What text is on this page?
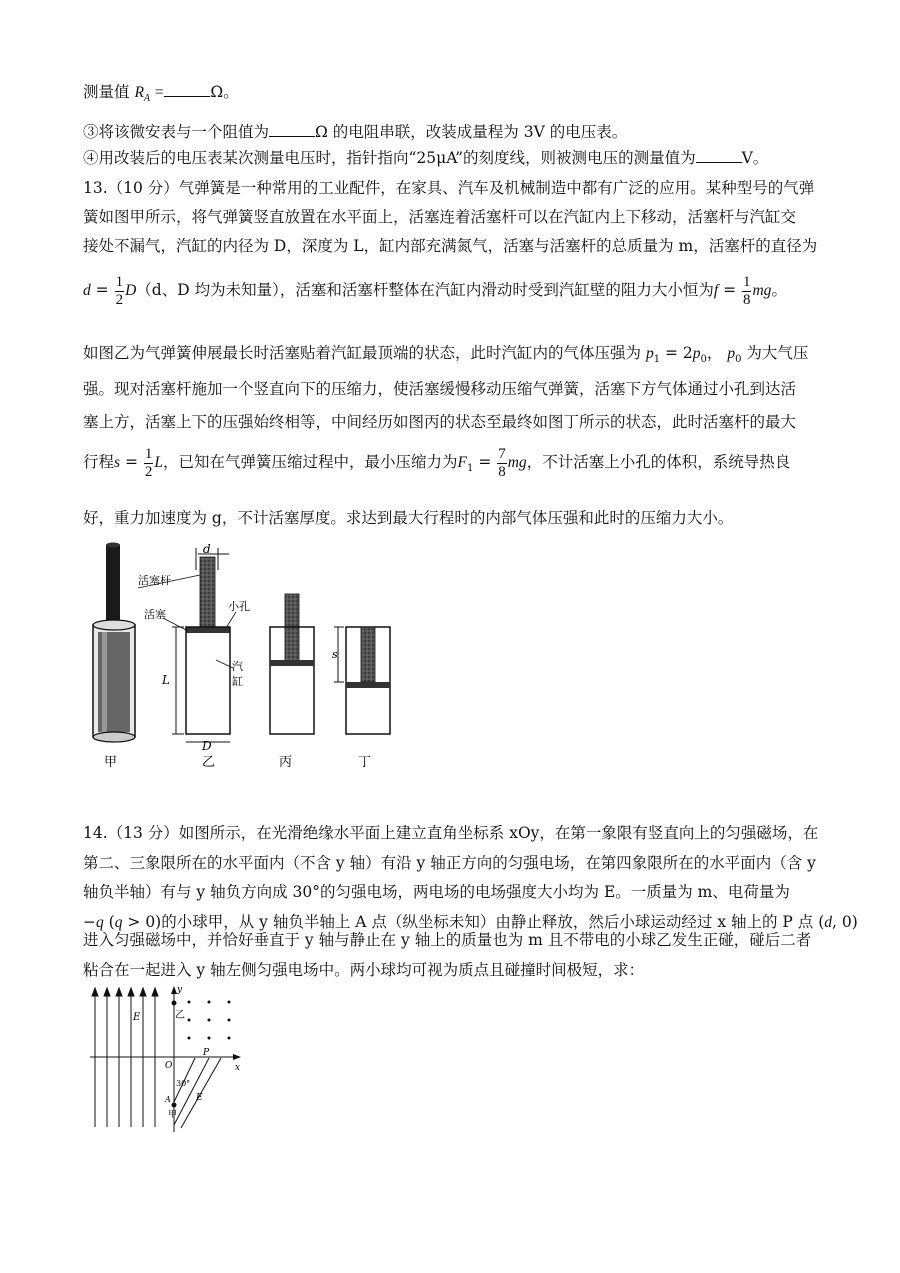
测量值 $R_A$ =	Ω。
③将该微安表与一个阻值为	Ω 的电阻串联，改装成量程为 3V 的电压表。
④用改装后的电压表某次测量电压时，指针指向“25μA”的刻度线，则被测电压的测量值为	V。
13.（10 分）气弹簧是一种常用的工业配件，在家具、汽车及机械制造中都有广泛的应用。某种型号的气弹
簧如图甲所示，将气弹簧竖直放置在水平面上，活塞连着活塞杆可以在汽缸内上下移动，活塞杆与汽缸交
接处不漏气，汽缸的内径为 D，深度为 L，缸内部充满氮气，活塞与活塞杆的总质量为 m，活塞杆的直径为
$d = \frac{1}{2} D(d$、D 均为未知量），活塞和活塞杆整体在汽缸内滑动时受到汽缸壁的阻力大小恒为$f = \frac{1}{8}$ mg。
如图乙为气弹簧伸展最长时活塞贴着汽缸最顶端的状态，此时汽缸内的气体压强为 $p_1 = 2p_0$， $p_0$ 为大气压
强。现对活塞杆施加一个竖直向下的压缩力，使活塞缓慢移动压缩气弹簧，活塞下方气体通过小孔到达活
塞上方，活塞上下的压强始终相等，中间经历如图丙的状态至最终如图丁所示的状态，此时活塞杆的最大
行程$s = \frac{1}{2}$ L，已知在气弹簧压缩过程中，最小压缩力为$F_1 = \frac{7}{8}$ mg，不计活塞上小孔的体积，系统导热良
好，重力加速度为 g，不计活塞厚度。求达到最大行程时的内部气体压强和此时的压缩力大小。
甲
d
活塞杆
活塞
小孔
汽
缸
L
D
乙	丙
s
丁
14.（13 分）如图所示，在光滑绝缘水平面上建立直角坐标系 xOy，在第一象限有竖直向上的匀强磁场，在
第二、三象限所在的水平面内（不含 y 轴）有沿 y 轴正方向的匀强电场，在第四象限所在的水平面内（含 y
轴负半轴）有与 y 轴负方向成 30°的匀强电场，两电场的电场强度大小均为 E。一质量为 m、电荷量为
−q (q > 0)的小球甲，从 y 轴负半轴上 A 点（纵坐标未知）由静止释放，然后小球运动经过 x 轴上的 P 点 (d, 0)
进入匀强磁场中，并恰好垂直于 y 轴与静止在 y 轴上的质量也为 m 且不带电的小球乙发生正碰，碰后二者
粘合在一起进入 y 轴左侧匀强电场中。两小球均可视为质点且碰撞时间极短，求：
E
x
y
O
乙
P
E
30°
A
甲
